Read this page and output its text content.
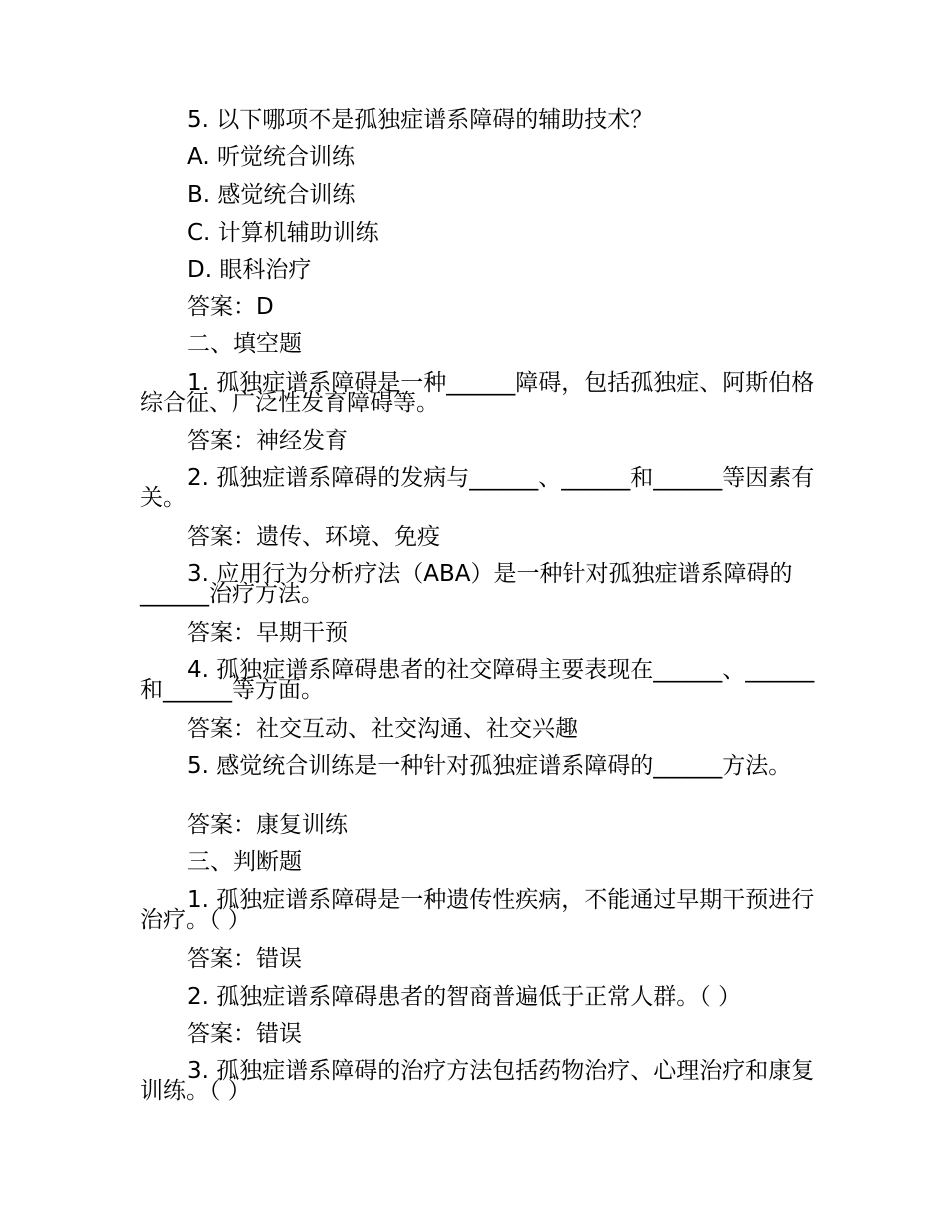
5. 以下哪项不是孤独症谱系障碍的辅助技术？
A. 听觉统合训练
B. 感觉统合训练
C. 计算机辅助训练
D. 眼科治疗
答案：D
二、填空题
1. 孤独症谱系障碍是一种______障碍，包括孤独症、阿斯伯格综合征、广泛性发育障碍等。
答案：神经发育
2. 孤独症谱系障碍的发病与______、______和______等因素有关。
答案：遗传、环境、免疫
3. 应用行为分析疗法（ABA）是一种针对孤独症谱系障碍的______治疗方法。
答案：早期干预
4. 孤独症谱系障碍患者的社交障碍主要表现在______、______和______等方面。
答案：社交互动、社交沟通、社交兴趣
5. 感觉统合训练是一种针对孤独症谱系障碍的______方法。
答案：康复训练
三、判断题
1. 孤独症谱系障碍是一种遗传性疾病，不能通过早期干预进行治疗。（ ）
答案：错误
2. 孤独症谱系障碍患者的智商普遍低于正常人群。（ ）
答案：错误
3. 孤独症谱系障碍的治疗方法包括药物治疗、心理治疗和康复训练。（ ）
